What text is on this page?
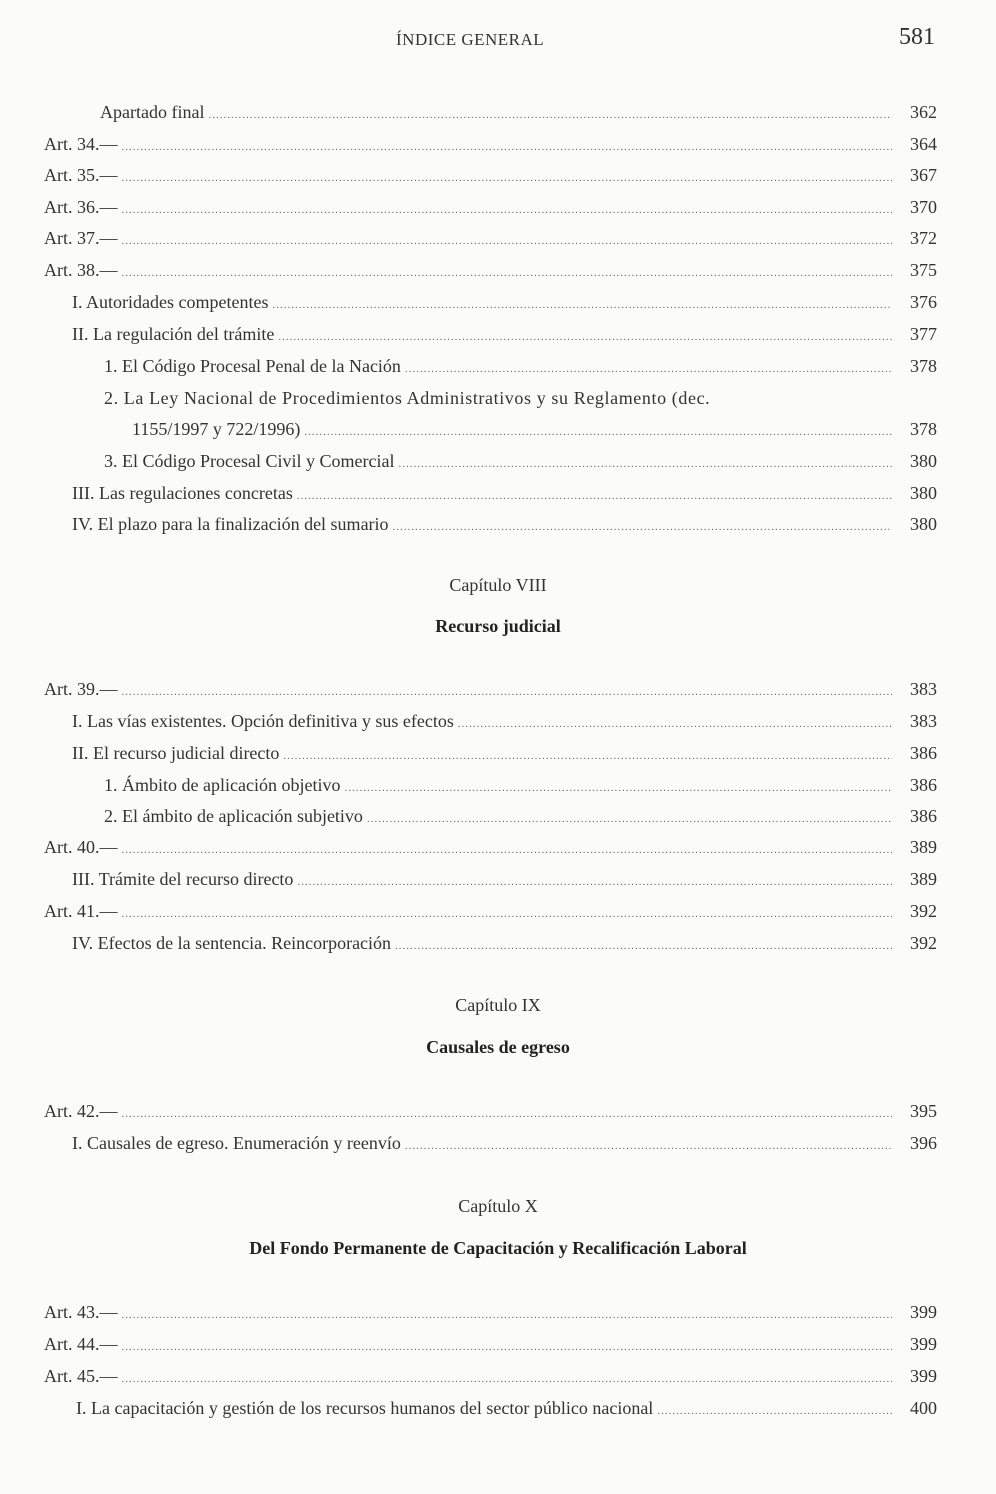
ÍNDICE GENERAL	581
Apartado final .....	362
Art. 34.— .....	364
Art. 35.— .....	367
Art. 36.— .....	370
Art. 37.— .....	372
Art. 38.— .....	375
I. Autoridades competentes .....	376
II. La regulación del trámite .....	377
1. El Código Procesal Penal de la Nación .....	378
2. La Ley Nacional de Procedimientos Administrativos y su Reglamento (dec.
1155/1997 y 722/1996) .....	378
3. El Código Procesal Civil y Comercial .....	380
III. Las regulaciones concretas .....	380
IV. El plazo para la finalización del sumario .....	380
Capítulo VIII
Recurso judicial
Art. 39.— .....	383
I. Las vías existentes. Opción definitiva y sus efectos .....	383
II. El recurso judicial directo .....	386
1. Ámbito de aplicación objetivo .....	386
2. El ámbito de aplicación subjetivo .....	386
Art. 40.— .....	389
III. Trámite del recurso directo .....	389
Art. 41.— .....	392
IV. Efectos de la sentencia. Reincorporación .....	392
Capítulo IX
Causales de egreso
Art. 42.— .....	395
I. Causales de egreso. Enumeración y reenvío .....	396
Capítulo X
Del Fondo Permanente de Capacitación y Recalificación Laboral
Art. 43.— .....	399
Art. 44.— .....	399
Art. 45.— .....	399
I. La capacitación y gestión de los recursos humanos del sector público nacional .....	400
